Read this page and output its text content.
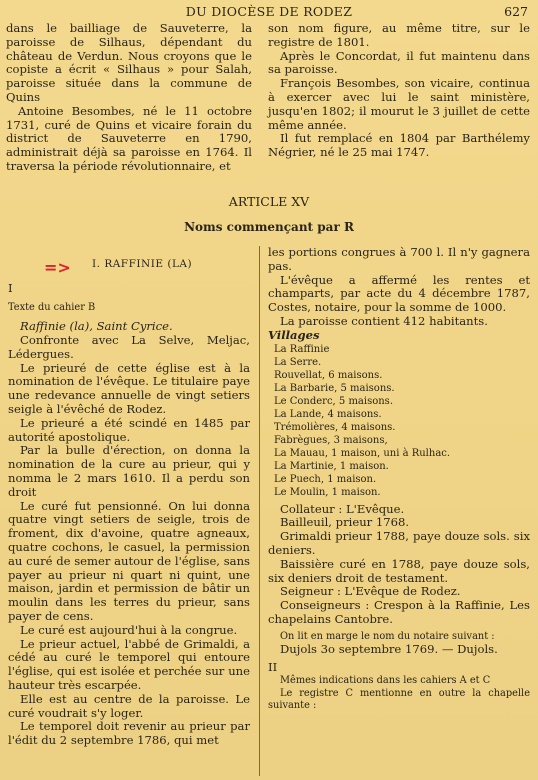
DU DIOCÈSE DE RODEZ	627

dans le bailliage de Sauveterre, la paroisse de Silhaus, dépendant du château de Verdun. Nous croyons que le copiste a écrit « Silhaus » pour Salah, paroisse située dans la commune de Quins

Antoine Besombes, né le 11 octobre 1731, curé de Quins et vicaire forain du district de Sauveterre en 1790, administrait déjà sa paroisse en 1764. Il traversa la période révolutionnaire, et

son nom figure, au même titre, sur le registre de 1801.

Après le Concordat, il fut maintenu dans sa paroisse.

François Besombes, son vicaire, continua à exercer avec lui le saint ministère, jusqu'en 1802; il mourut le 3 juillet de cette même année.

Il fut remplacé en 1804 par Barthélemy Négrier, né le 25 mai 1747.

ARTICLE XV
Noms commençant par R
=>	I. RAFFINIE (LA)

I

Texte du cahier B

Raffinie (la), Saint Cyrice.

Confronte avec La Selve, Meljac, Lédergues.

Le prieuré de cette église est à la nomination de l'évêque. Le titulaire paye une redevance annuelle de vingt setiers seigle à l'évêché de Rodez.

Le prieuré a été scindé en 1485 par autorité apostolique.

Par la bulle d'érection, on donna la nomination de la cure au prieur, qui y nomma le 2 mars 1610. Il a perdu son droit

Le curé fut pensionné. On lui donna quatre vingt setiers de seigle, trois de froment, dix d'avoine, quatre agneaux, quatre cochons, le casuel, la permission au curé de semer autour de l'église, sans payer au prieur ni quart ni quint, une maison, jardin et permission de bâtir un moulin dans les terres du prieur, sans payer de cens.

Le curé est aujourd'hui à la congrue.

Le prieur actuel, l'abbé de Grimaldi, a cédé au curé le temporel qui entoure l'église, qui est isolée et perchée sur une hauteur très escarpée.

Elle est au centre de la paroisse. Le curé voudrait s'y loger.

Le temporel doit revenir au prieur par l'édit du 2 septembre 1786, qui met

les portions congrues à 700 l. Il n'y gagnera pas.

L'évêque a affermé les rentes et champarts, par acte du 4 décembre 1787, Costes, notaire, pour la somme de 1000.

La paroisse contient 412 habitants.

Villages

La Raffinie
La Serre.
Rouvellat, 6 maisons.
La Barbarie, 5 maisons.
Le Conderc, 5 maisons.
La Lande, 4 maisons.
Trémolières, 4 maisons.
Fabrègues, 3 maisons,
La Mauau, 1 maison, uni à Rulhac.
La Martinie, 1 maison.
Le Puech, 1 maison.
Le Moulin, 1 maison.

Collateur : L'Evêque.

Bailleuil, prieur 1768.

Grimaldi prieur 1788, paye douze sols. six deniers.

Baissière curé en 1788, paye douze sols, six deniers droit de testament.

Seigneur : L'Evêque de Rodez.

Conseigneurs : Crespon à la Raffinie, Les chapelains Cantobre.

On lit en marge le nom du notaire suivant :

Dujols 3o septembre 1769. — Dujols.

II

Mêmes indications dans les cahiers A et C

Le registre C mentionne en outre la chapelle suivante :
